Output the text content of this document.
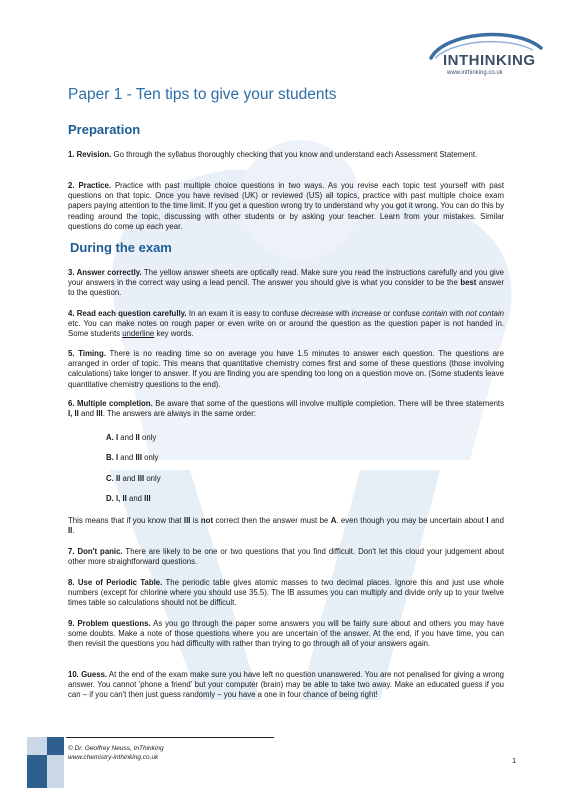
INTHINKING
www.inthinking.co.uk
Paper 1 - Ten tips to give your students
Preparation
1. Revision. Go through the syllabus thoroughly checking that you know and understand each Assessment Statement.
2. Practice. Practice with past multiple choice questions in two ways. As you revise each topic test yourself with past questions on that topic. Once you have revised (UK) or reviewed (US) all topics, practice with past multiple choice exam papers paying attention to the time limit. If you get a question wrong try to understand why you got it wrong. You can do this by reading around the topic, discussing with other students or by asking your teacher. Learn from your mistakes. Similar questions do come up each year.
During the exam
3. Answer correctly. The yellow answer sheets are optically read. Make sure you read the instructions carefully and you give your answers in the correct way using a lead pencil. The answer you should give is what you consider to be the best answer to the question.
4. Read each question carefully. In an exam it is easy to confuse decrease with increase or confuse contain with not contain etc. You can make notes on rough paper or even write on or around the question as the question paper is not handed in. Some students underline key words.
5. Timing. There is no reading time so on average you have 1.5 minutes to answer each question. The questions are arranged in order of topic. This means that quantitative chemistry comes first and some of these questions (those involving calculations) take longer to answer. If you are finding you are spending too long on a question move on. (Some students leave quantitative chemistry questions to the end).
6. Multiple completion. Be aware that some of the questions will involve multiple completion. There will be three statements I, II and III. The answers are always in the same order:
A. I and II only
B. I and III only
C. II and III only
D. I, II and III
This means that if you know that III is not correct then the answer must be A. even though you may be uncertain about I and II.
7. Don't panic. There are likely to be one or two questions that you find difficult. Don't let this cloud your judgement about other more straightforward questions.
8. Use of Periodic Table. The periodic table gives atomic masses to two decimal places. Ignore this and just use whole numbers (except for chlorine where you should use 35.5). The IB assumes you can multiply and divide only up to your twelve times table so calculations should not be difficult.
9. Problem questions. As you go through the paper some answers you will be fairly sure about and others you may have some doubts. Make a note of those questions where you are uncertain of the answer. At the end, if you have time, you can then revisit the questions you had difficulty with rather than trying to go through all of your answers again.
10. Guess. At the end of the exam make sure you have left no question unanswered. You are not penalised for giving a wrong answer. You cannot 'phone a friend' but your computer (brain) may be able to take two away. Make an educated guess if you can – if you can't then just guess randomly – you have a one in four chance of being right!
© Dr. Geoffrey Neuss, InThinking
www.chemistry-inthinking.co.uk	1
